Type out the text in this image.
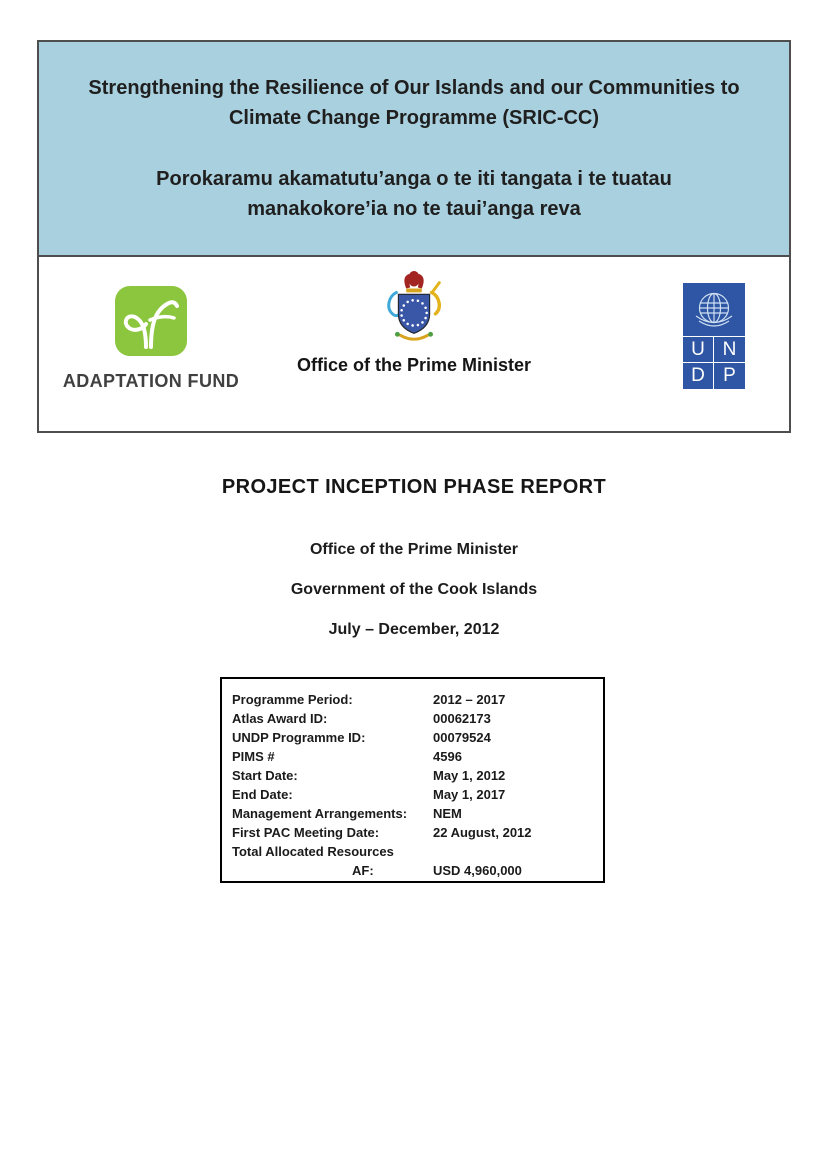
Strengthening the Resilience of Our Islands and our Communities to
Climate Change Programme (SRIC-CC)

Porokaramu akamatutu’anga o te iti tangata i te tuatau
manakokore’ia no te taui’anga reva

ADAPTATION FUND
Office of the Prime Minister
U N
D P
PROJECT INCEPTION PHASE REPORT
Office of the Prime Minister
Government of the Cook Islands
July – December, 2012
Programme Period:	2012 – 2017
Atlas Award ID:	00062173
UNDP Programme ID:	00079524
PIMS #	4596
Start Date:	May 1, 2012
End Date:	May 1, 2017
Management Arrangements: NEM
First PAC Meeting Date:	22 August, 2012
Total Allocated Resources
AF:	USD 4,960,000
